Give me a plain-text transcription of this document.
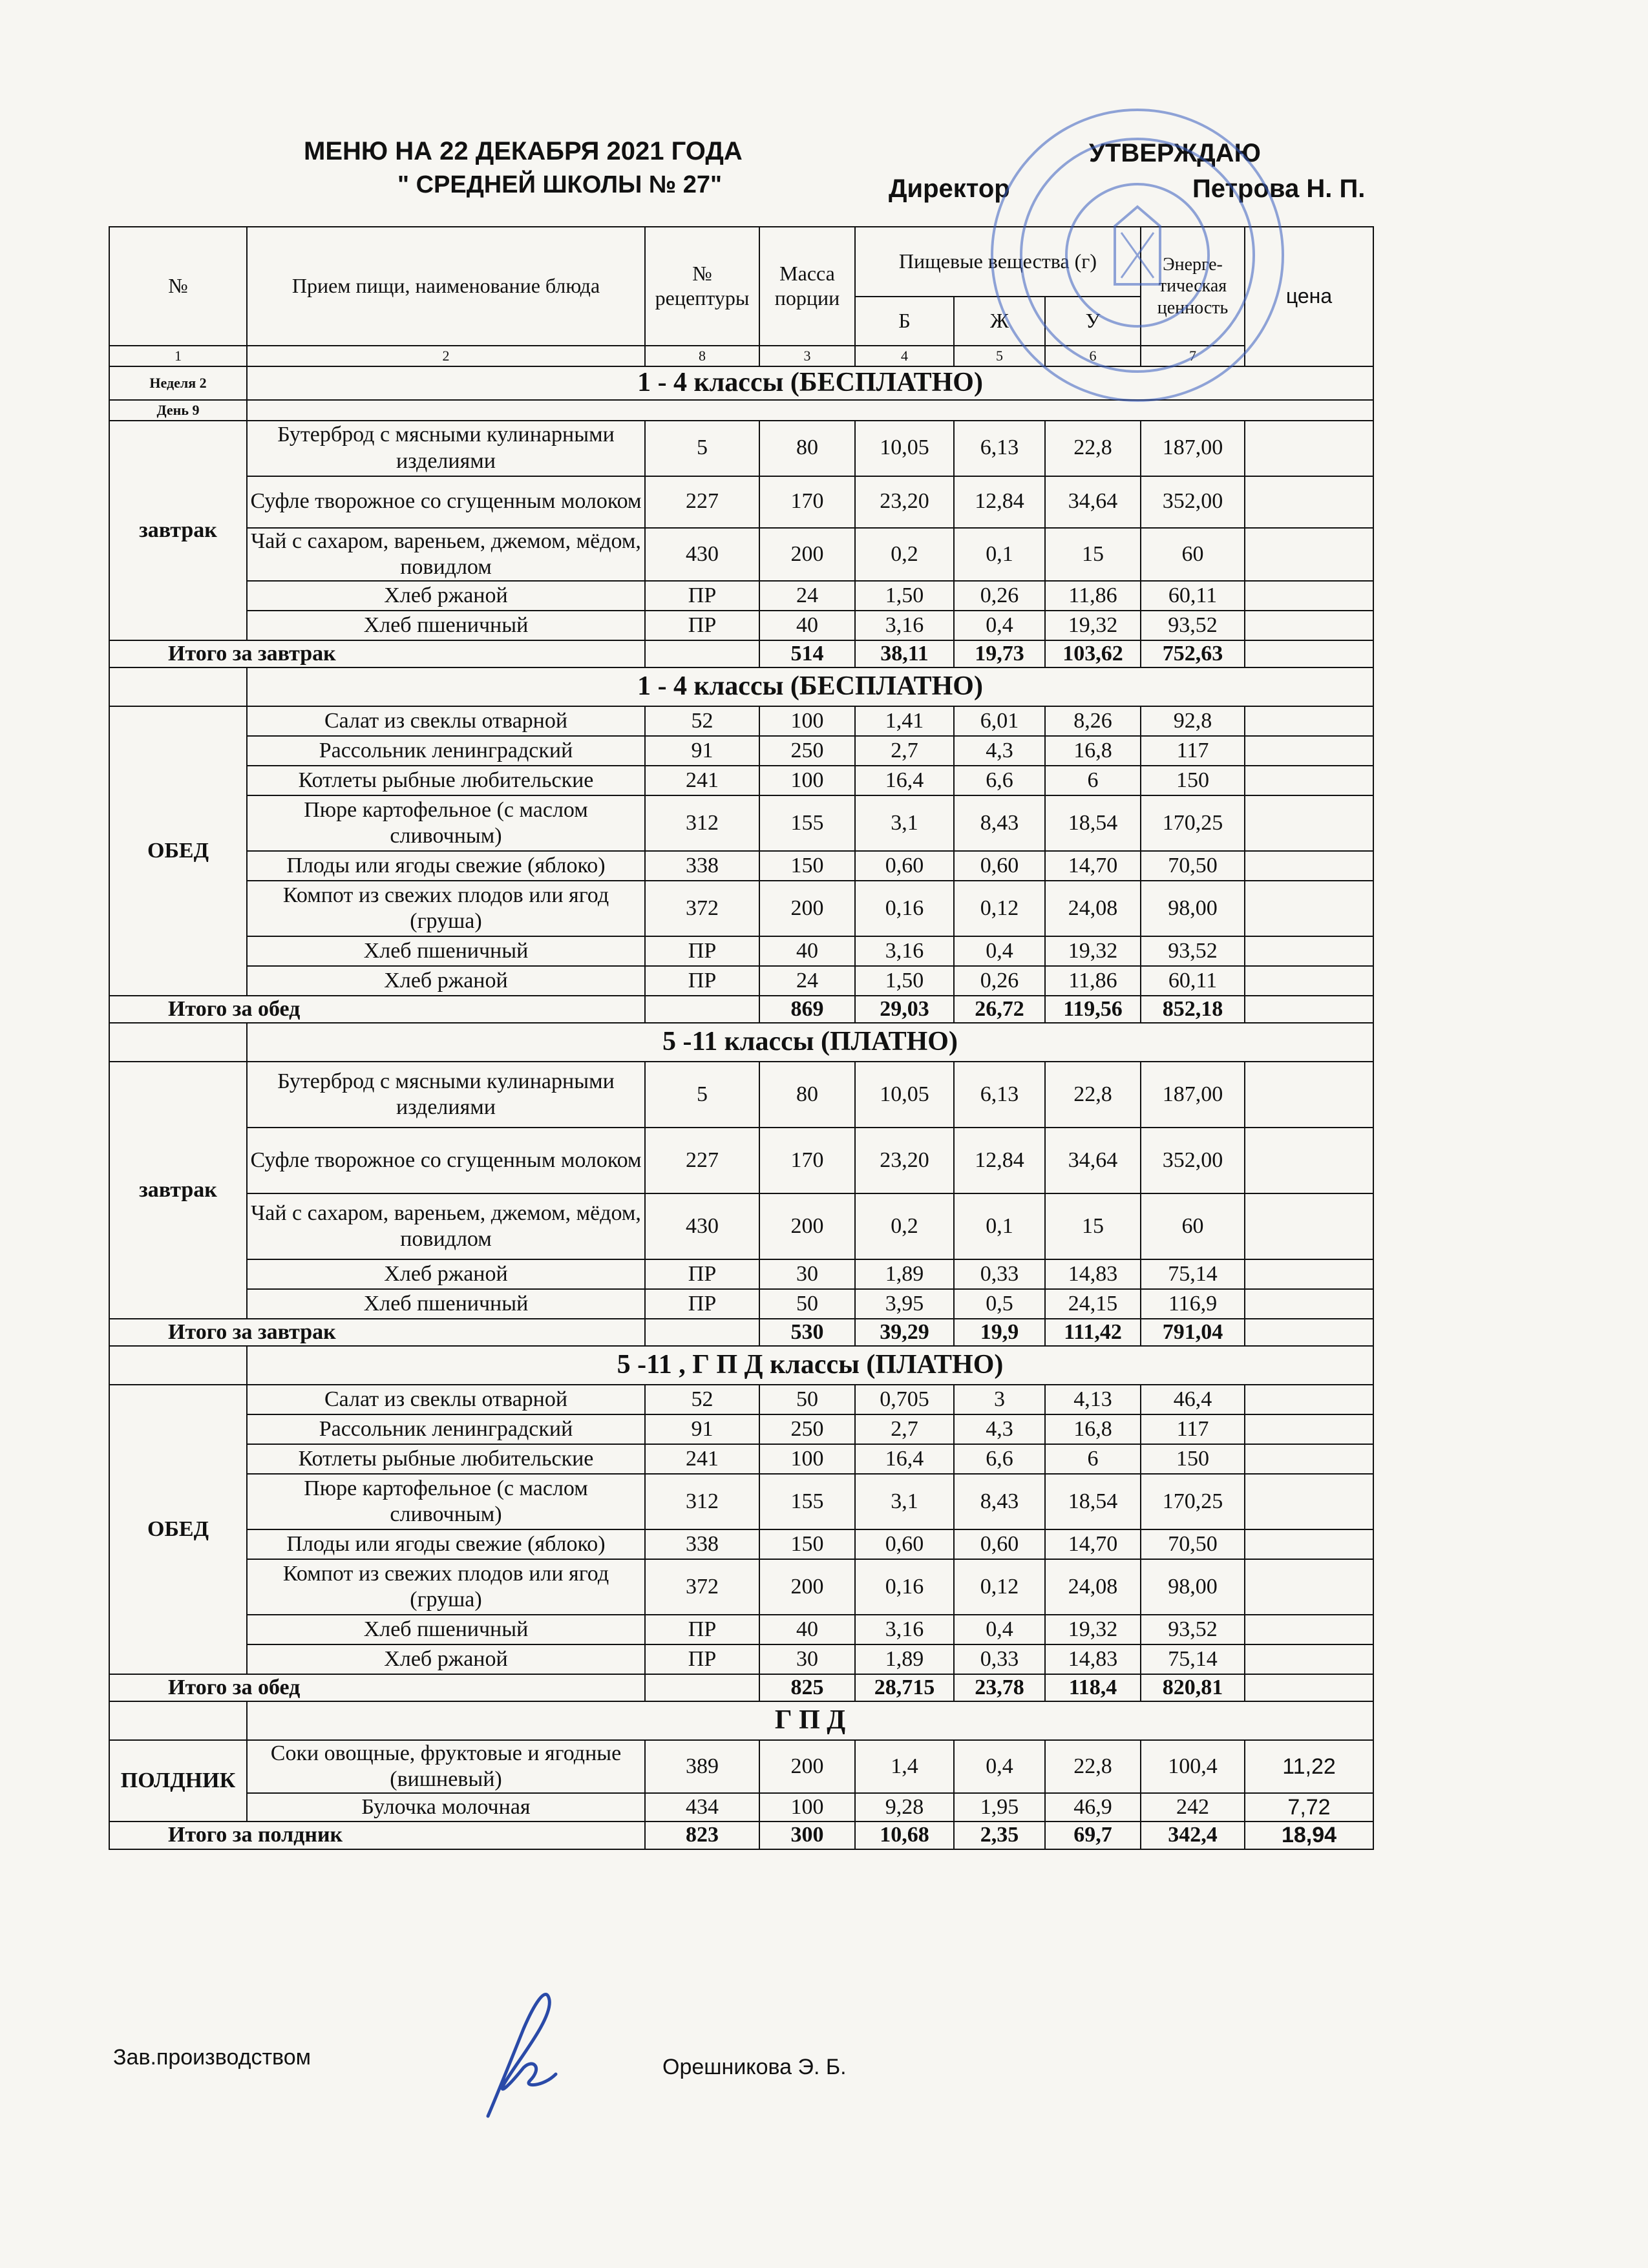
МЕНЮ НА 22 ДЕКАБРЯ 2021 ГОДА
" СРЕДНЕЙ ШКОЛЫ № 27"
УТВЕРЖДАЮ
Директор	Петрова Н. П.
№	Прием пищи, наименование блюда	№ рецептуры	Масса порции	Пищевые вещества (г)			Энерге-тическая ценность	цена
				Б	Ж	У		
1	2	8	3	4	5	6	7	
Неделя 2	1 - 4 классы (БЕСПЛАТНО)							
День 9								
завтрак	Бутерброд с мясными кулинарными изделиями	5	80	10,05	6,13	22,8	187,00	
	Суфле творожное со сгущенным молоком	227	170	23,20	12,84	34,64	352,00	
	Чай с сахаром, вареньем, джемом, мёдом, повидлом	430	200	0,2	0,1	15	60	
	Хлеб ржаной	ПР	24	1,50	0,26	11,86	60,11	
	Хлеб пшеничный	ПР	40	3,16	0,4	19,32	93,52	
Итого за завтрак			514	38,11	19,73	103,62	752,63	
	1 - 4 классы (БЕСПЛАТНО)							
ОБЕД	Салат из свеклы отварной	52	100	1,41	6,01	8,26	92,8	
	Рассольник ленинградский	91	250	2,7	4,3	16,8	117	
	Котлеты рыбные любительские	241	100	16,4	6,6	6	150	
	Пюре картофельное (с маслом сливочным)	312	155	3,1	8,43	18,54	170,25	
	Плоды или ягоды свежие (яблоко)	338	150	0,60	0,60	14,70	70,50	
	Компот из свежих плодов или ягод (груша)	372	200	0,16	0,12	24,08	98,00	
	Хлеб пшеничный	ПР	40	3,16	0,4	19,32	93,52	
	Хлеб ржаной	ПР	24	1,50	0,26	11,86	60,11	
Итого за обед			869	29,03	26,72	119,56	852,18	
	5 -11 классы (ПЛАТНО)							
завтрак	Бутерброд с мясными кулинарными изделиями	5	80	10,05	6,13	22,8	187,00	
	Суфле творожное со сгущенным молоком	227	170	23,20	12,84	34,64	352,00	
	Чай с сахаром, вареньем, джемом, мёдом, повидлом	430	200	0,2	0,1	15	60	
	Хлеб ржаной	ПР	30	1,89	0,33	14,83	75,14	
	Хлеб пшеничный	ПР	50	3,95	0,5	24,15	116,9	
Итого за завтрак			530	39,29	19,9	111,42	791,04	
	5 -11 , Г П Д классы (ПЛАТНО)							
ОБЕД	Салат из свеклы отварной	52	50	0,705	3	4,13	46,4	
	Рассольник ленинградский	91	250	2,7	4,3	16,8	117	
	Котлеты рыбные любительские	241	100	16,4	6,6	6	150	
	Пюре картофельное (с маслом сливочным)	312	155	3,1	8,43	18,54	170,25	
	Плоды или ягоды свежие (яблоко)	338	150	0,60	0,60	14,70	70,50	
	Компот из свежих плодов или ягод (груша)	372	200	0,16	0,12	24,08	98,00	
	Хлеб пшеничный	ПР	40	3,16	0,4	19,32	93,52	
	Хлеб ржаной	ПР	30	1,89	0,33	14,83	75,14	
Итого за обед			825	28,715	23,78	118,4	820,81	
	Г П Д							
ПОЛДНИК	Соки овощные, фруктовые и ягодные (вишневый)	389	200	1,4	0,4	22,8	100,4	11,22
	Булочка молочная	434	100	9,28	1,95	46,9	242	7,72
Итого за полдник		823	300	10,68	2,35	69,7	342,4	18,94
Зав.производством	Орешникова Э. Б.
